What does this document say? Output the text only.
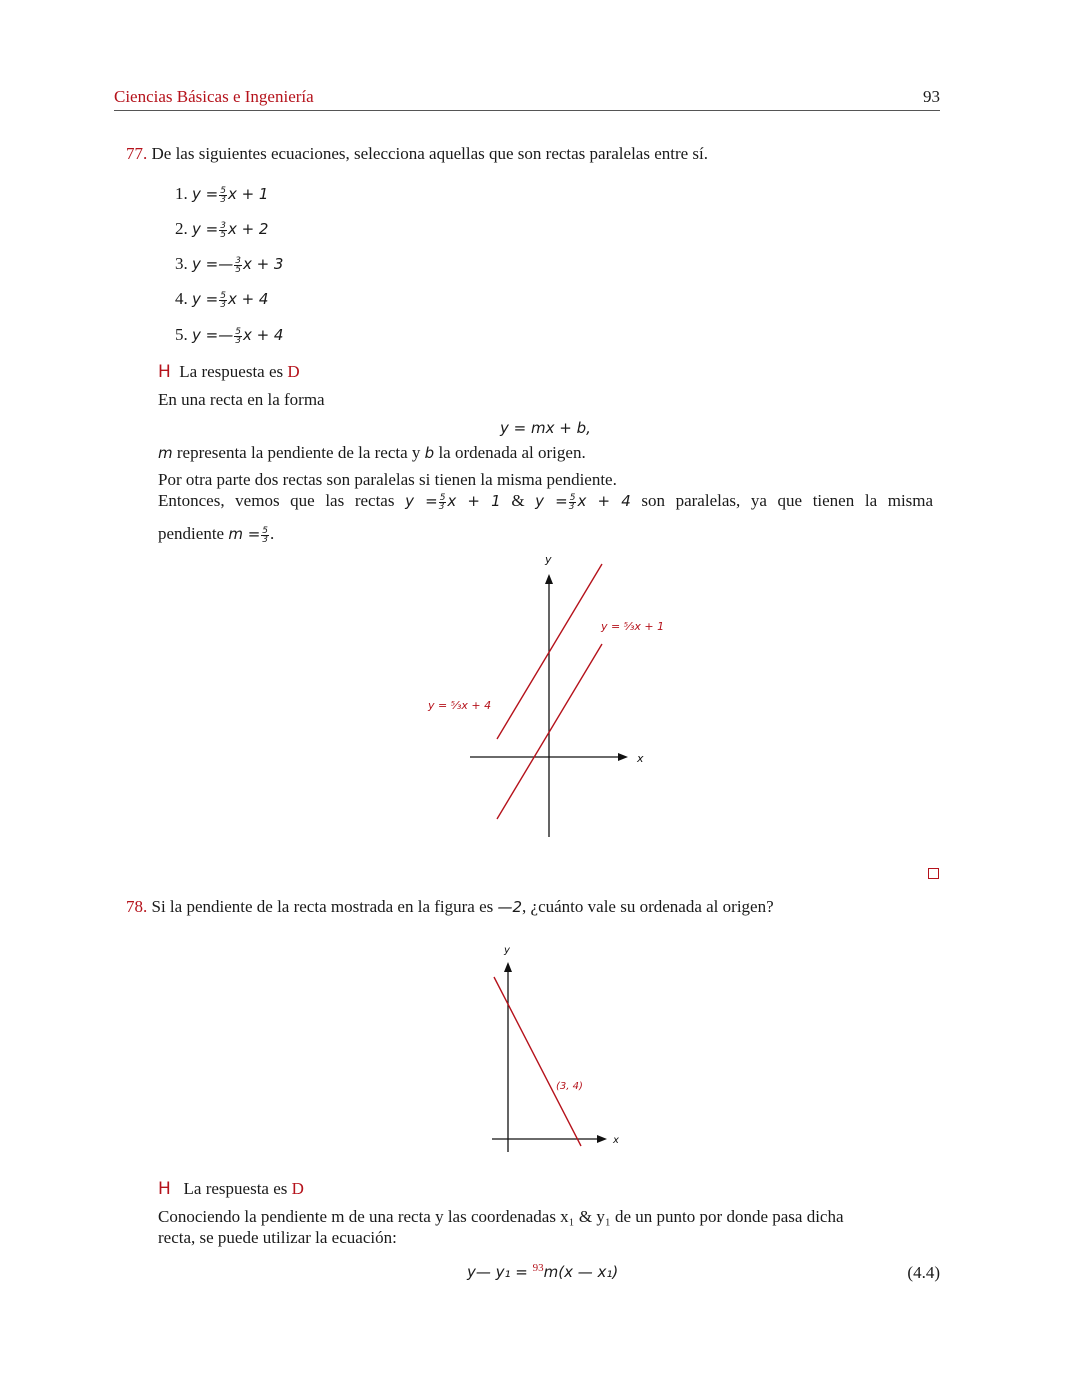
Ciencias Básicas e Ingeniería	93
77. De las siguientes ecuaciones, selecciona aquellas que son rectas paralelas entre sí.
1. $y = \frac{5}{3}$ x + 1
2. $y = \frac{3}{5}$ x + 2
3. y =— $\frac{3}{5}$ x + 3
4. $y = \frac{5}{3}$ x + 4
5. y =— $\frac{5}{3}$ x + 4
H La respuesta es D
En una recta en la forma
y = mx + b,
m representa la pendiente de la recta y b la ordenada al origen.
Por otra parte dos rectas son paralelas si tienen la misma pendiente.
Entonces, vemos que las rectas $y = \frac{5}{3}$ x + 1 & $y = \frac{5}{3}$ x + 4 son paralelas, ya que tienen la misma
pendiente $m = \frac{5}{3}$ .
x
y
y = ⁵⁄₃x + 1
y = ⁵⁄₃x + 4
78. Si la pendiente de la recta mostrada en la figura es —2, ¿cuánto vale su ordenada al origen?
x
y
(3, 4)
H La respuesta es D
Conociendo la pendiente m de una recta y las coordenadas x₁ & y₁ de un punto por donde pasa dicha
recta, se puede utilizar la ecuación:
y— y₁ = $^{93}$m(x — x₁)	(4.4)
